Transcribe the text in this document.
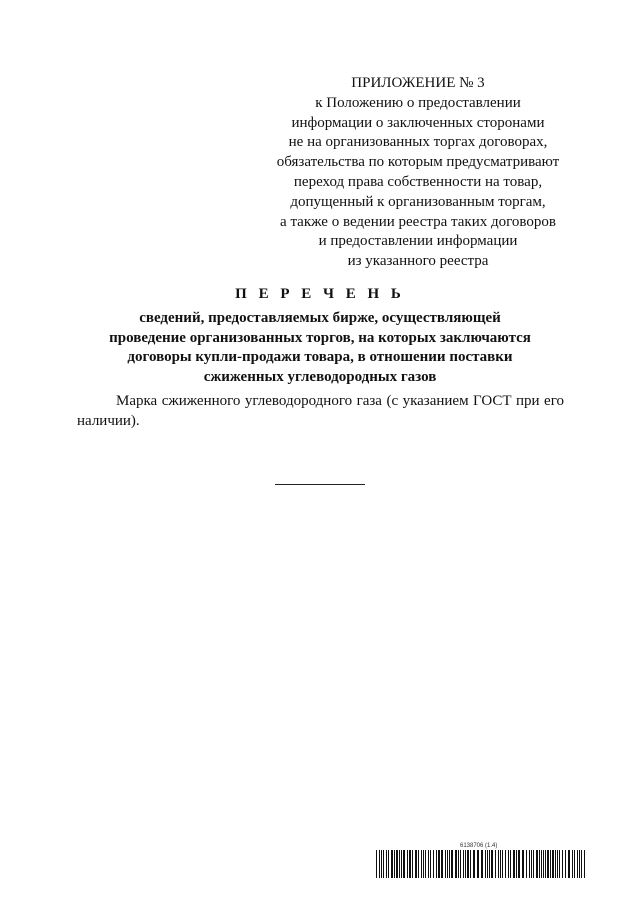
ПРИЛОЖЕНИЕ № 3
к Положению о предоставлении
информации о заключенных сторонами
не на организованных торгах договорах,
обязательства по которым предусматривают
переход права собственности на товар,
допущенный к организованным торгам,
а также о ведении реестра таких договоров
и предоставлении информации
из указанного реестра
П Е Р Е Ч Е Н Ь
сведений, предоставляемых бирже, осуществляющей
проведение организованных торгов, на которых заключаются
договоры купли-продажи товара, в отношении поставки
сжиженных углеводородных газов
Марка сжиженного углеводородного газа (с указанием ГОСТ при его наличии).
6138706 (1.4)
